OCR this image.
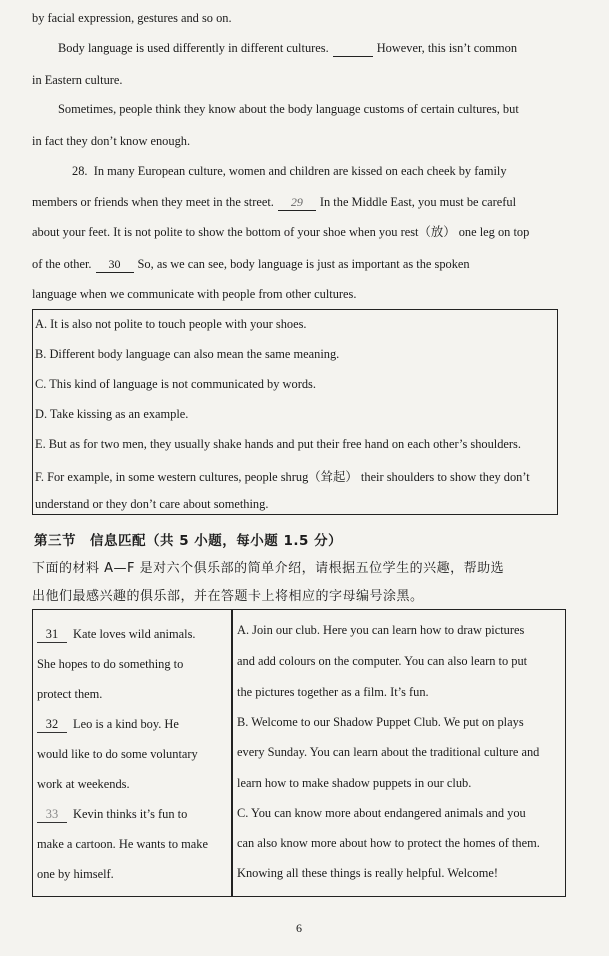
by facial expression, gestures and so on.
Body language is used differently in different cultures.	However, this isn’t common
in Eastern culture.
Sometimes, people think they know about the body language customs of certain cultures, but
in fact they don’t know enough.
28. In many European culture, women and children are kissed on each cheek by family
members or friends when they meet in the street. 29 In the Middle East, you must be careful
about your feet. It is not polite to show the bottom of your shoe when you rest（放） one leg on top
of the other. 30 So, as we can see, body language is just as important as the spoken
language when we communicate with people from other cultures.
A. It is also not polite to touch people with your shoes.
B. Different body language can also mean the same meaning.
C. This kind of language is not communicated by words.
D. Take kissing as an example.
E. But as for two men, they usually shake hands and put their free hand on each other’s shoulders.
F. For example, in some western cultures, people shrug（耸起） their shoulders to show they don’t
understand or they don’t care about something.
第三节　信息匹配（共 5 小题，每小题 1.5 分）
下面的材料 A—F 是对六个俱乐部的简单介绍，请根据五位学生的兴趣，帮助选
出他们最感兴趣的俱乐部，并在答题卡上将相应的字母编号涂黑。
31 Kate loves wild animals.
She hopes to do something to
protect them.
32 Leo is a kind boy. He
would like to do some voluntary
work at weekends.
33 Kevin thinks it’s fun to
make a cartoon. He wants to make
one by himself.
A. Join our club. Here you can learn how to draw pictures
and add colours on the computer. You can also learn to put
the pictures together as a film. It’s fun.
B. Welcome to our Shadow Puppet Club. We put on plays
every Sunday. You can learn about the traditional culture and
learn how to make shadow puppets in our club.
C. You can know more about endangered animals and you
can also know more about how to protect the homes of them.
Knowing all these things is really helpful. Welcome!
6
